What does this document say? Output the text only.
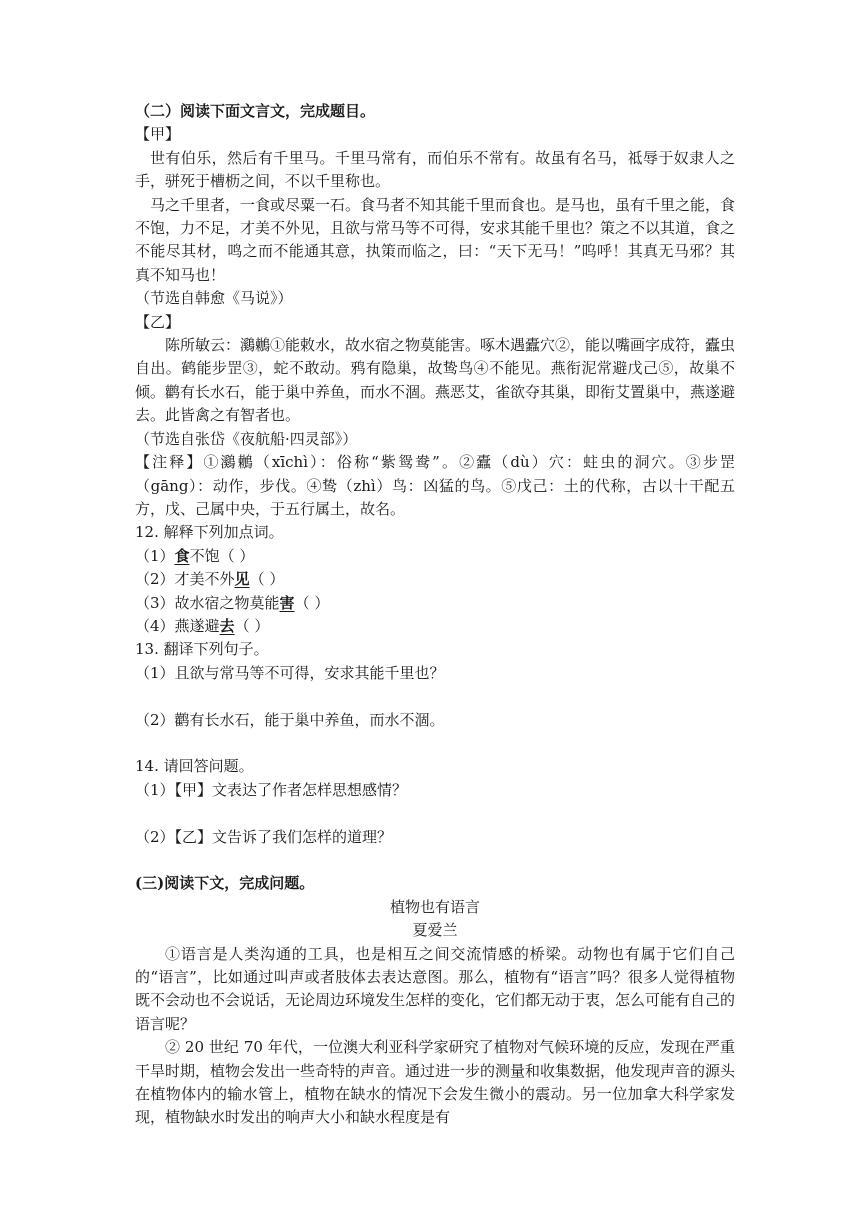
（二）阅读下面文言文，完成题目。
【甲】
世有伯乐，然后有千里马。千里马常有，而伯乐不常有。故虽有名马，祗辱于奴隶人之手，骈死于槽枥之间，不以千里称也。
马之千里者，一食或尽粟一石。食马者不知其能千里而食也。是马也，虽有千里之能，食不饱，力不足，才美不外见，且欲与常马等不可得，安求其能千里也？策之不以其道，食之不能尽其材，鸣之而不能通其意，执策而临之，曰：“天下无马！”呜呼！其真无马邪？其真不知马也！
（节选自韩愈《马说》）
【乙】
陈所敏云：鸂鶒①能敕水，故水宿之物莫能害。啄木遇蠹穴②，能以嘴画字成符，蠹虫自出。鹤能步罡③，蛇不敢动。鸦有隐巢，故鸷鸟④不能见。燕衔泥常避戊己⑤，故巢不倾。鹳有长水石，能于巢中养鱼，而水不涸。燕恶艾，雀欲夺其巢，即衔艾置巢中，燕遂避去。此皆禽之有智者也。
（节选自张岱《夜航船·四灵部》）
【注释】①鸂鶒（xīchì）：俗称“紫鸳鸯”。②蠹（dù）穴：蛀虫的洞穴。③步罡（gāng）：动作，步伐。④鸷（zhì）鸟：凶猛的鸟。⑤戊己：土的代称，古以十干配五方，戊、己属中央，于五行属土，故名。
12. 解释下列加点词。
（1）食不饱（ ）
（2）才美不外见（ ）
（3）故水宿之物莫能害（ ）
（4）燕遂避去（ ）
13. 翻译下列句子。
（1）且欲与常马等不可得，安求其能千里也？
（2）鹳有长水石，能于巢中养鱼，而水不涸。
14. 请回答问题。
（1）【甲】文表达了作者怎样思想感情？
（2）【乙】文告诉了我们怎样的道理？
(三)阅读下文，完成问题。
植物也有语言
夏爱兰
①语言是人类沟通的工具，也是相互之间交流情感的桥梁。动物也有属于它们自己的“语言”，比如通过叫声或者肢体去表达意图。那么，植物有“语言”吗？很多人觉得植物既不会动也不会说话，无论周边环境发生怎样的变化，它们都无动于衷，怎么可能有自己的语言呢？
② 20 世纪 70 年代，一位澳大利亚科学家研究了植物对气候环境的反应，发现在严重干旱时期，植物会发出一些奇特的声音。通过进一步的测量和收集数据，他发现声音的源头在植物体内的输水管上，植物在缺水的情况下会发生微小的震动。另一位加拿大科学家发现，植物缺水时发出的响声大小和缺水程度是有
